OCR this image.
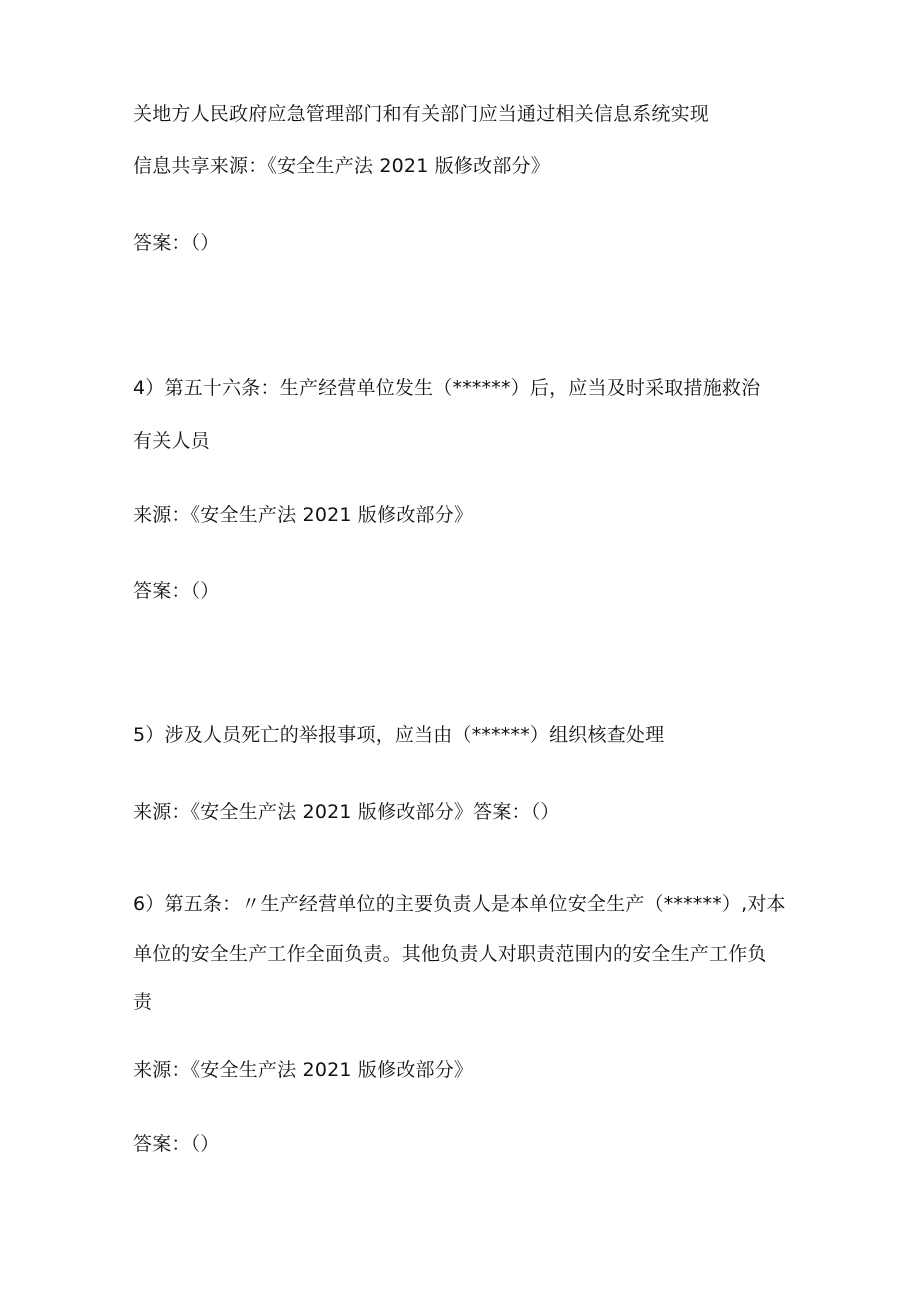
关地方人民政府应急管理部门和有关部门应当通过相关信息系统实现
信息共享来源：《安全生产法 2021 版修改部分》
答案：（）
4）第五十六条：生产经营单位发生（******）后，应当及时采取措施救治
有关人员
来源：《安全生产法 2021 版修改部分》
答案：（）
5）涉及人员死亡的举报事项，应当由（******）组织核查处理
来源：《安全生产法 2021 版修改部分》答案：（）
6）第五条：〃生产经营单位的主要负责人是本单位安全生产（******）,对本
单位的安全生产工作全面负责。其他负责人对职责范围内的安全生产工作负
责
来源：《安全生产法 2021 版修改部分》
答案：（）
